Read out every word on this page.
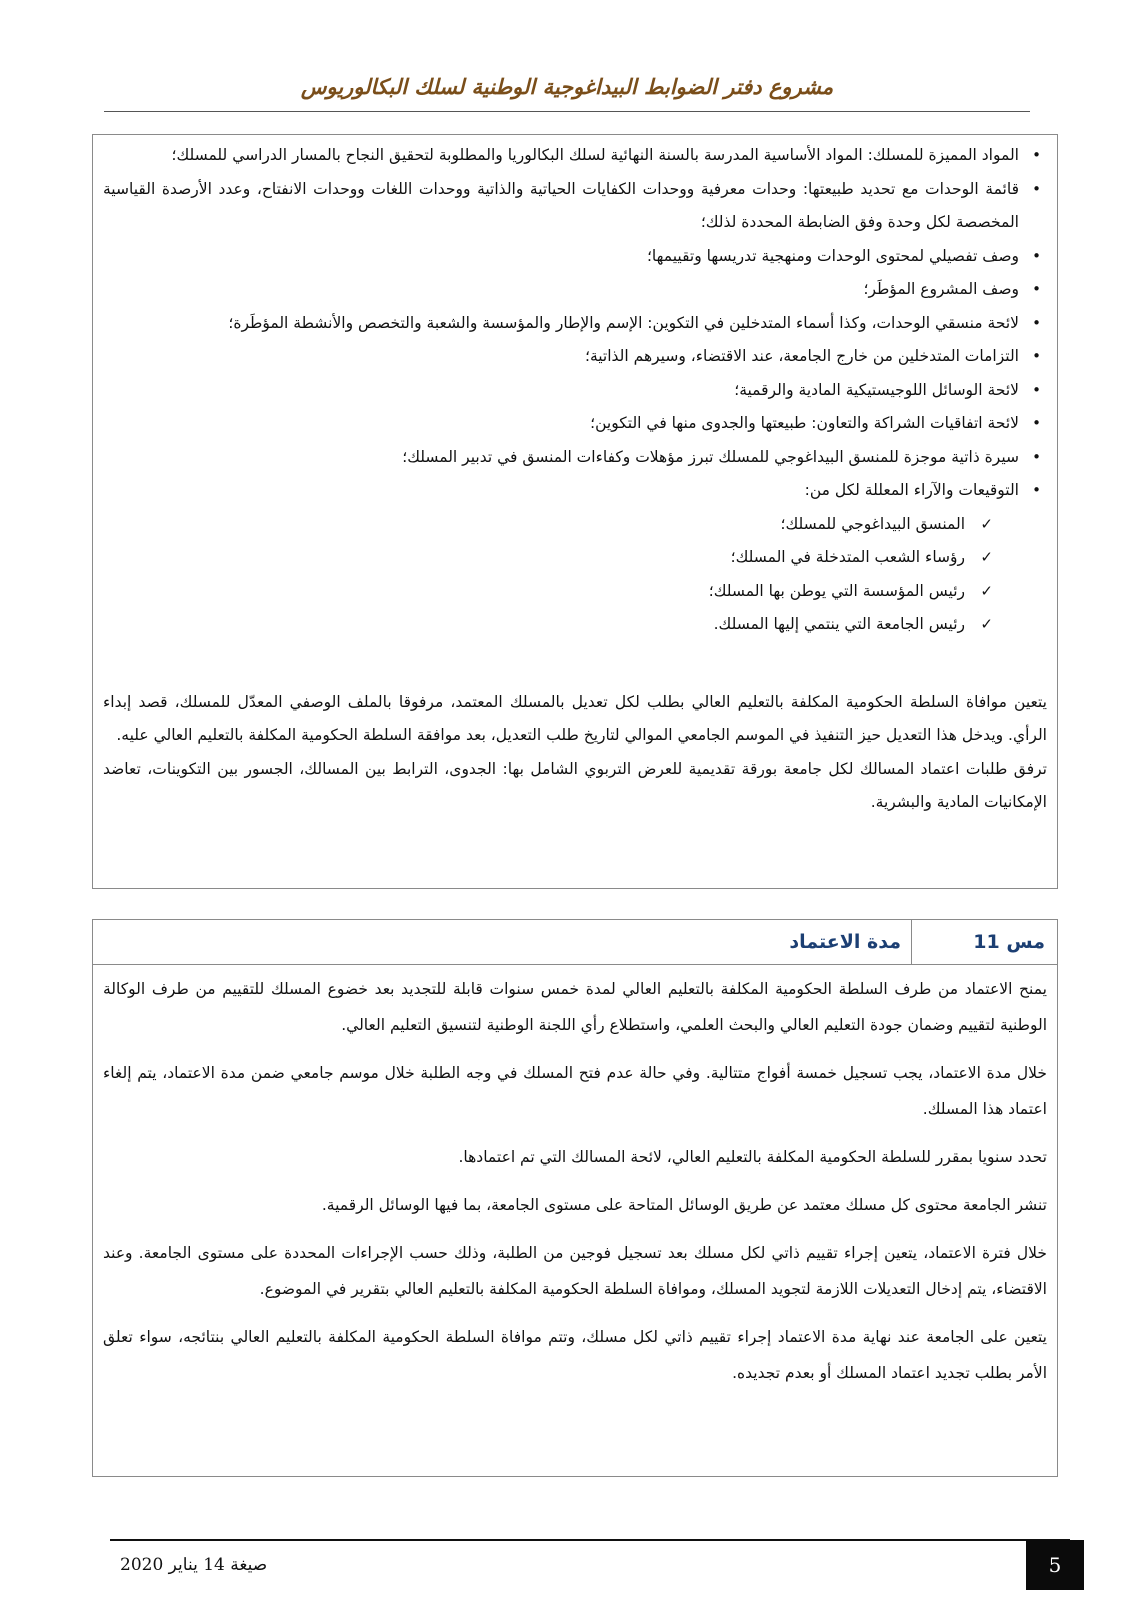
مشروع دفتر الضوابط البيداغوجية الوطنية لسلك البكالوريوس
•
المواد المميزة للمسلك: المواد الأساسية المدرسة بالسنة النهائية لسلك البكالوريا والمطلوبة لتحقيق النجاح بالمسار الدراسي للمسلك؛
•
قائمة الوحدات مع تحديد طبيعتها: وحدات معرفية ووحدات الكفايات الحياتية والذاتية ووحدات اللغات ووحدات الانفتاح، وعدد الأرصدة القياسية المخصصة لكل وحدة وفق الضابطة المحددة لذلك؛
•
وصف تفصيلي لمحتوى الوحدات ومنهجية تدريسها وتقييمها؛
•
وصف المشروع المؤطَر؛
•
لائحة منسقي الوحدات، وكذا أسماء المتدخلين في التكوين: الإسم والإطار والمؤسسة والشعبة والتخصص والأنشطة المؤطَرة؛
•
التزامات المتدخلين من خارج الجامعة، عند الاقتضاء، وسيرهم الذاتية؛
•
لائحة الوسائل اللوجيستيكية المادية والرقمية؛
•
لائحة اتفاقيات الشراكة والتعاون: طبيعتها والجدوى منها في التكوين؛
•
سيرة ذاتية موجزة للمنسق البيداغوجي للمسلك تبرز مؤهلات وكفاءات المنسق في تدبير المسلك؛
•
التوقيعات والآراء المعللة لكل من:
✓
المنسق البيداغوجي للمسلك؛
✓
رؤساء الشعب المتدخلة في المسلك؛
✓
رئيس المؤسسة التي يوطن بها المسلك؛
✓
رئيس الجامعة التي ينتمي إليها المسلك.

يتعين موافاة السلطة الحكومية المكلفة بالتعليم العالي بطلب لكل تعديل بالمسلك المعتمد، مرفوقا بالملف الوصفي المعدّل للمسلك، قصد إبداء الرأي. ويدخل هذا التعديل حيز التنفيذ في الموسم الجامعي الموالي لتاريخ طلب التعديل، بعد موافقة السلطة الحكومية المكلفة بالتعليم العالي عليه.

ترفق طلبات اعتماد المسالك لكل جامعة بورقة تقديمية للعرض التربوي الشامل بها: الجدوى، الترابط بين المسالك، الجسور بين التكوينات، تعاضد الإمكانيات المادية والبشرية.

مس 11
مدة الاعتماد

يمنح الاعتماد من طرف السلطة الحكومية المكلفة بالتعليم العالي لمدة خمس سنوات قابلة للتجديد بعد خضوع المسلك للتقييم من طرف الوكالة الوطنية لتقييم وضمان جودة التعليم العالي والبحث العلمي، واستطلاع رأي اللجنة الوطنية لتنسيق التعليم العالي.

خلال مدة الاعتماد، يجب تسجيل خمسة أفواج متتالية. وفي حالة عدم فتح المسلك في وجه الطلبة خلال موسم جامعي ضمن مدة الاعتماد، يتم إلغاء اعتماد هذا المسلك.

تحدد سنويا بمقرر للسلطة الحكومية المكلفة بالتعليم العالي، لائحة المسالك التي تم اعتمادها.

تنشر الجامعة محتوى كل مسلك معتمد عن طريق الوسائل المتاحة على مستوى الجامعة، بما فيها الوسائل الرقمية.

خلال فترة الاعتماد، يتعين إجراء تقييم ذاتي لكل مسلك بعد تسجيل فوجين من الطلبة، وذلك حسب الإجراءات المحددة على مستوى الجامعة. وعند الاقتضاء، يتم إدخال التعديلات اللازمة لتجويد المسلك، وموافاة السلطة الحكومية المكلفة بالتعليم العالي بتقرير في الموضوع.

يتعين على الجامعة عند نهاية مدة الاعتماد إجراء تقييم ذاتي لكل مسلك، وتتم موافاة السلطة الحكومية المكلفة بالتعليم العالي بنتائجه، سواء تعلق الأمر بطلب تجديد اعتماد المسلك أو بعدم تجديده.

صيغة 14 يناير 2020	5
